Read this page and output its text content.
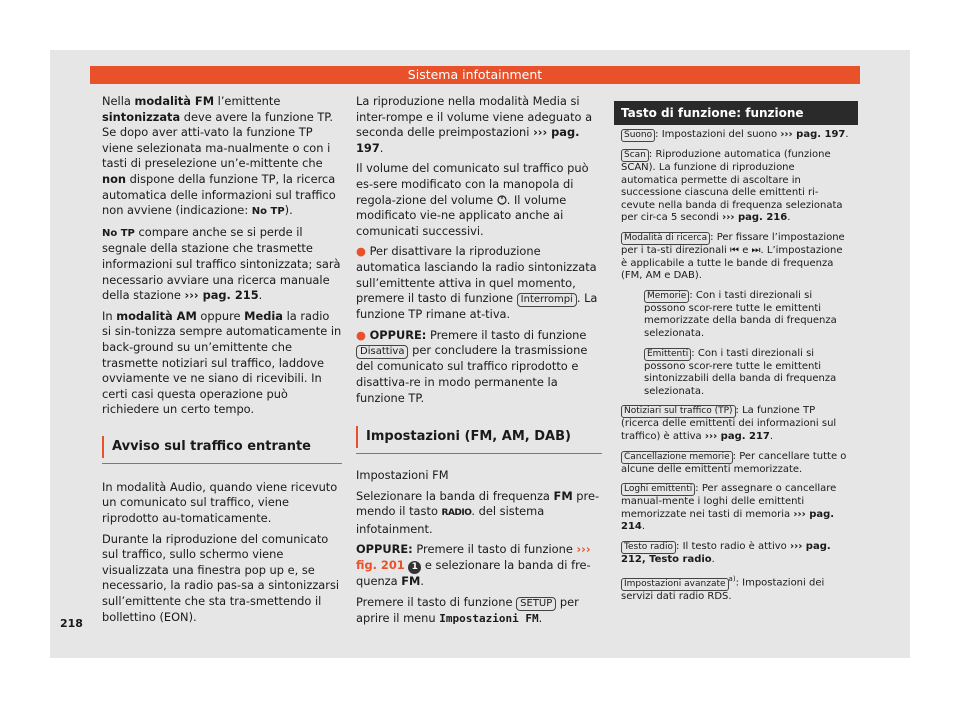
Sistema infotainment

Nella modalità FM l’emittente sintonizzata deve avere la funzione TP. Se dopo aver atti-vato la funzione TP viene selezionata ma-nualmente o con i tasti di preselezione un’e-mittente che non dispone della funzione TP, la ricerca automatica delle informazioni sul traffico non avviene (indicazione: No TP).

No TP compare anche se si perde il segnale della stazione che trasmette informazioni sul traffico sintonizzata; sarà necessario avviare una ricerca manuale della stazione ››› pag. 215.

In modalità AM oppure Media la radio si sin-tonizza sempre automaticamente in back-ground su un’emittente che trasmette notiziari sul traffico, laddove ovviamente ve ne siano di ricevibili. In certi casi questa operazione può richiedere un certo tempo.

Avviso sul traffico entrante

In modalità Audio, quando viene ricevuto un comunicato sul traffico, viene riprodotto au-tomaticamente.

Durante la riproduzione del comunicato sul traffico, sullo schermo viene visualizzata una finestra pop up e, se necessario, la radio pas-sa a sintonizzarsi sull’emittente che sta tra-smettendo il bollettino (EON).

La riproduzione nella modalità Media si inter-rompe e il volume viene adeguato a seconda delle preimpostazioni ››› pag. 197.

Il volume del comunicato sul traffico può es-sere modificato con la manopola di regola-zione del volume . Il volume modificato vie-ne applicato anche ai comunicati successivi.

● Per disattivare la riproduzione automatica lasciando la radio sintonizzata sull’emittente attiva in quel momento, premere il tasto di funzione Interrompi . La funzione TP rimane at-tiva.

● OPPURE: Premere il tasto di funzione Disattiva per concludere la trasmissione del comunicato sul traffico riprodotto e disattiva-re in modo permanente la funzione TP.

Impostazioni (FM, AM, DAB)

Impostazioni FM

Selezionare la banda di frequenza FM pre-mendo il tasto RADIO. del sistema infotainment.

OPPURE: Premere il tasto di funzione ››› fig. 201 1 e selezionare la banda di fre-quenza FM.

Premere il tasto di funzione SETUP per aprire il menu Impostazioni FM.

Tasto di funzione: funzione
Suono : Impostazioni del suono ››› pag. 197.
Scan : Riproduzione automatica (funzione SCAN). La funzione di riproduzione automatica permette di ascoltare in successione ciascuna delle emittenti ri-cevute nella banda di frequenza selezionata per cir-ca 5 secondi ››› pag. 216.
Modalità di ricerca : Per fissare l’impostazione per i ta-sti direzionali ⏮ e ⏭. L’impostazione è applicabile a tutte le bande di frequenza (FM, AM e DAB).
Memorie : Con i tasti direzionali si possono scor-rere tutte le emittenti memorizzate della banda di frequenza selezionata.
Emittenti : Con i tasti direzionali si possono scor-rere tutte le emittenti sintonizzabili della banda di frequenza selezionata.
Notiziari sul traffico (TP) : La funzione TP (ricerca delle emittenti dei informazioni sul traffico) è attiva ››› pag. 217.
Cancellazione memorie : Per cancellare tutte o alcune delle emittenti memorizzate.
Loghi emittenti : Per assegnare o cancellare manual-mente i loghi delle emittenti memorizzate nei tasti di memoria ››› pag. 214.
Testo radio : Il testo radio è attivo ››› pag. 212, Testo radio.
Impostazioni avanzate $^{a)}$: Impostazioni dei servizi dati radio RDS.
218
